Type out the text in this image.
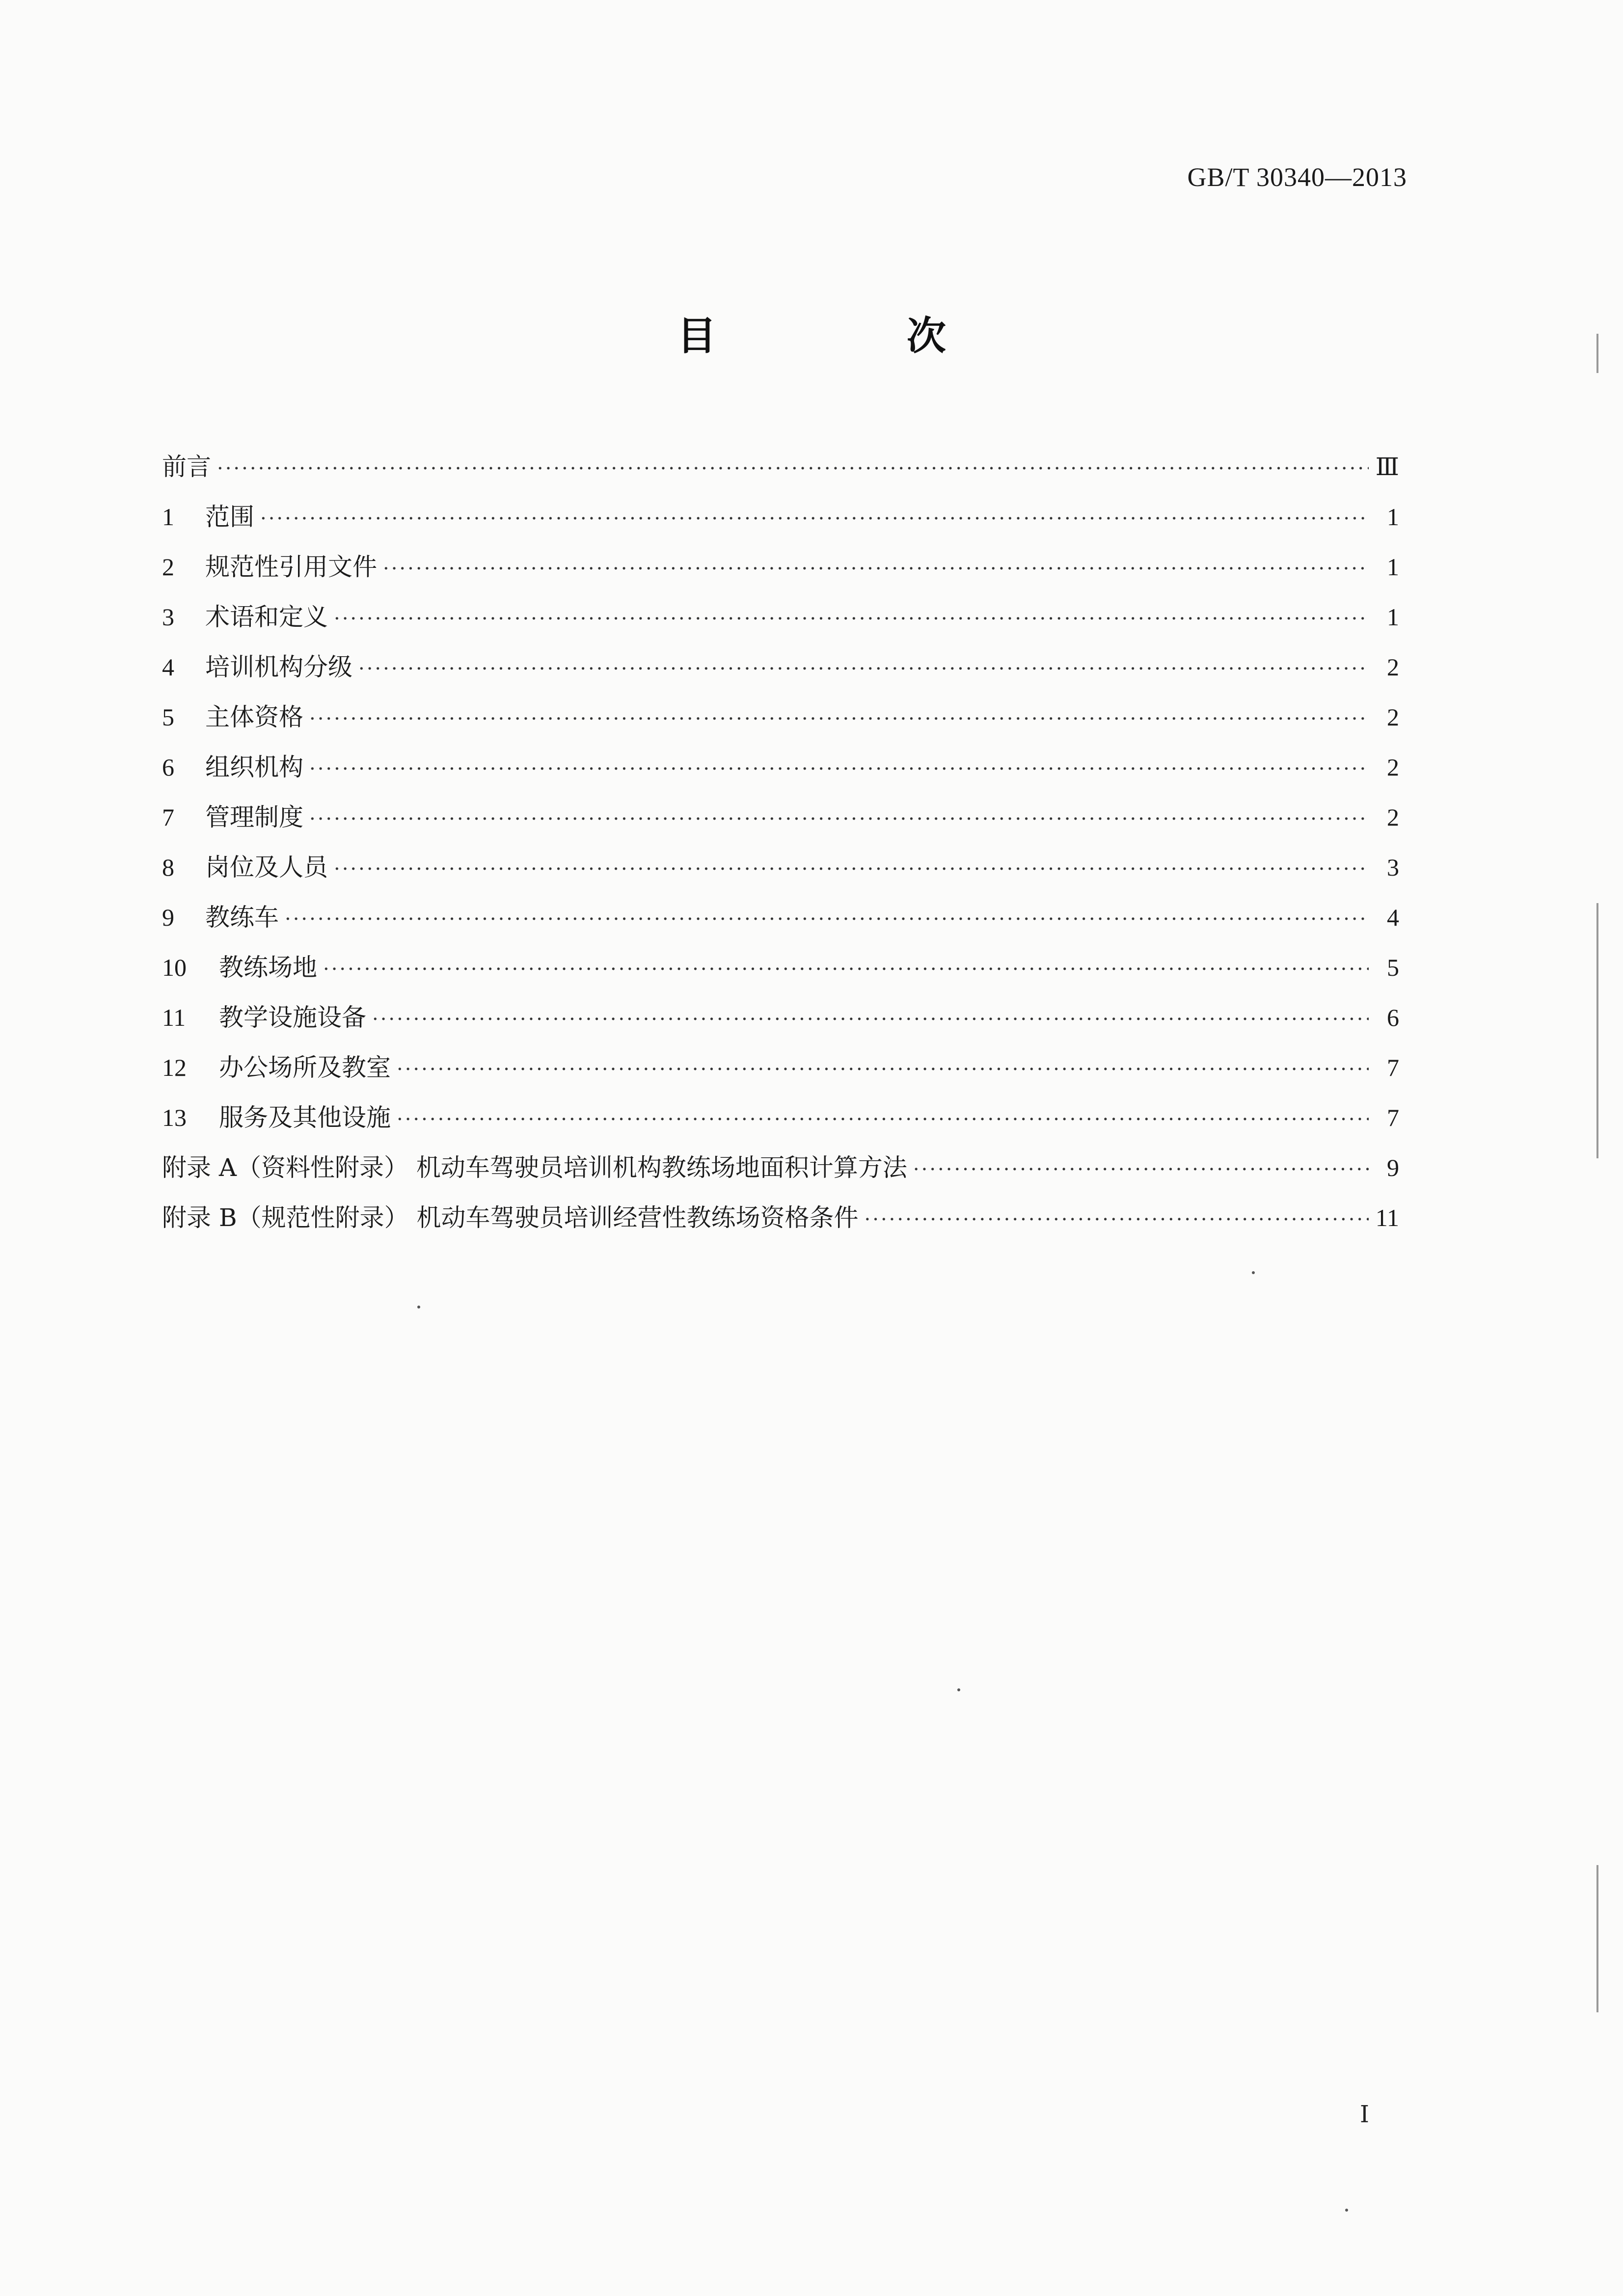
GB/T 30340—2013
目 次
前言 ·····	Ⅲ
1	范围 ·····	1
2	规范性引用文件 ·····	1
3	术语和定义 ·····	1
4	培训机构分级 ·····	2
5	主体资格 ·····	2
6	组织机构 ·····	2
7	管理制度 ·····	2
8	岗位及人员 ·····	3
9	教练车 ·····	4
10	教练场地 ·····	5
11	教学设施设备 ·····	6
12	办公场所及教室 ·····	7
13	服务及其他设施 ·····	7
附录 A（资料性附录） 机动车驾驶员培训机构教练场地面积计算方法 ·····	9
附录 B（规范性附录） 机动车驾驶员培训经营性教练场资格条件 ·····	11
Ⅰ
